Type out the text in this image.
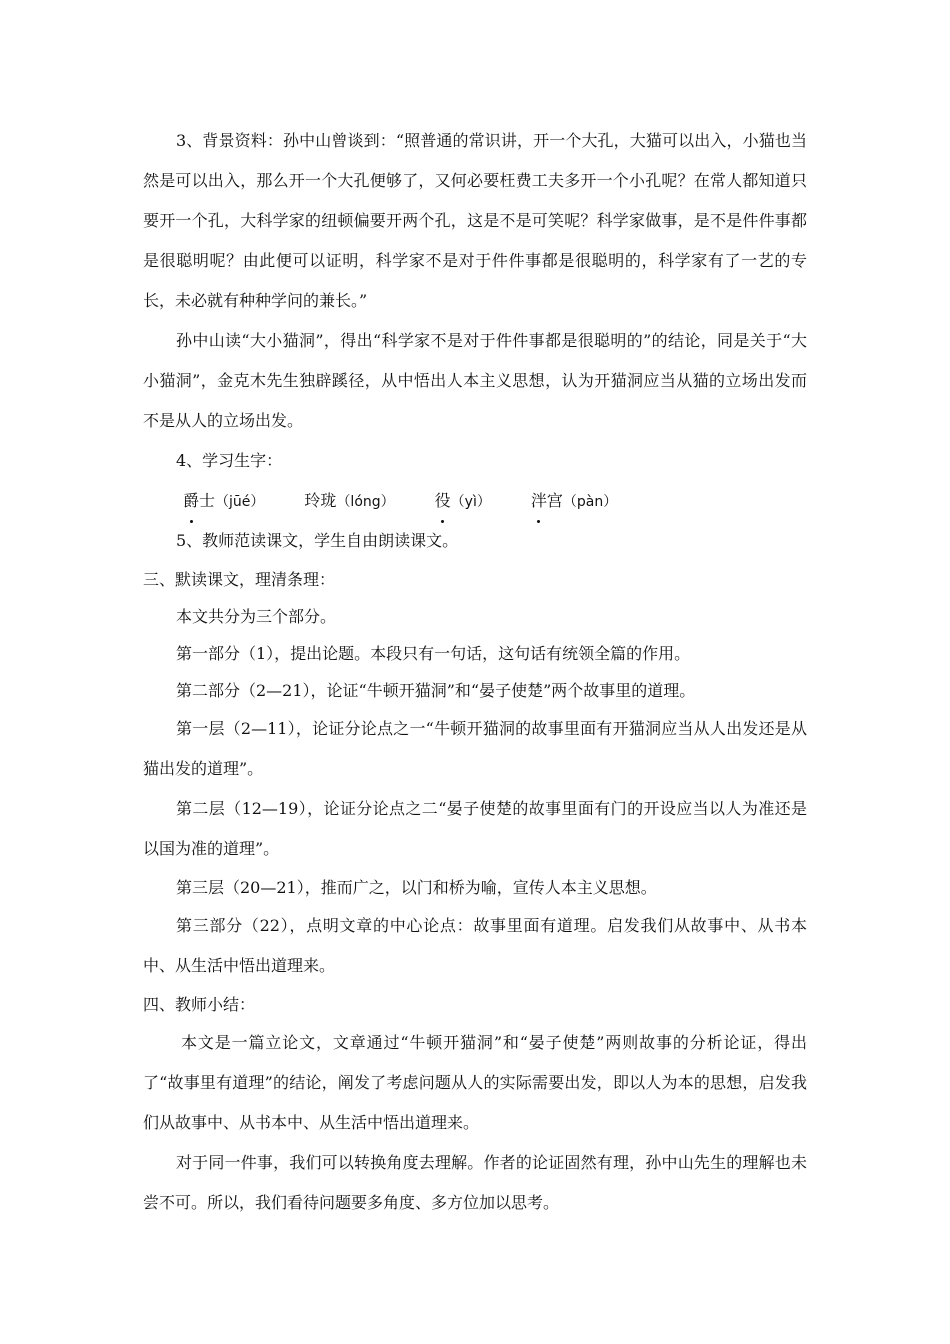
3、背景资料：孙中山曾谈到：“照普通的常识讲，开一个大孔，大猫可以出入，小猫也当然是可以出入，那么开一个大孔便够了，又何必要枉费工夫多开一个小孔呢？在常人都知道只要开一个孔，大科学家的纽顿偏要开两个孔，这是不是可笑呢？科学家做事，是不是件件事都是很聪明呢？由此便可以证明，科学家不是对于件件事都是很聪明的，科学家有了一艺的专长，未必就有种种学问的兼长。”

孙中山读“大小猫洞”，得出“科学家不是对于件件事都是很聪明的”的结论，同是关于“大小猫洞”，金克木先生独辟蹊径，从中悟出人本主义思想，认为开猫洞应当从猫的立场出发而不是从人的立场出发。

4、学习生字：

爵士（jūé）	玲珑（lóng）	役（yì）	泮宫（pàn）

5、教师范读课文，学生自由朗读课文。

三、默读课文，理清条理：

本文共分为三个部分。

第一部分（1），提出论题。本段只有一句话，这句话有统领全篇的作用。

第二部分（2—21），论证“牛顿开猫洞”和“晏子使楚”两个故事里的道理。

第一层（2—11），论证分论点之一“牛顿开猫洞的故事里面有开猫洞应当从人出发还是从猫出发的道理”。

第二层（12—19），论证分论点之二“晏子使楚的故事里面有门的开设应当以人为准还是以国为准的道理”。

第三层（20—21），推而广之，以门和桥为喻，宣传人本主义思想。

第三部分（22），点明文章的中心论点：故事里面有道理。启发我们从故事中、从书本中、从生活中悟出道理来。

四、教师小结：

本文是一篇立论文，文章通过“牛顿开猫洞”和“晏子使楚”两则故事的分析论证，得出了“故事里有道理”的结论，阐发了考虑问题从人的实际需要出发，即以人为本的思想，启发我们从故事中、从书本中、从生活中悟出道理来。

对于同一件事，我们可以转换角度去理解。作者的论证固然有理，孙中山先生的理解也未尝不可。所以，我们看待问题要多角度、多方位加以思考。
